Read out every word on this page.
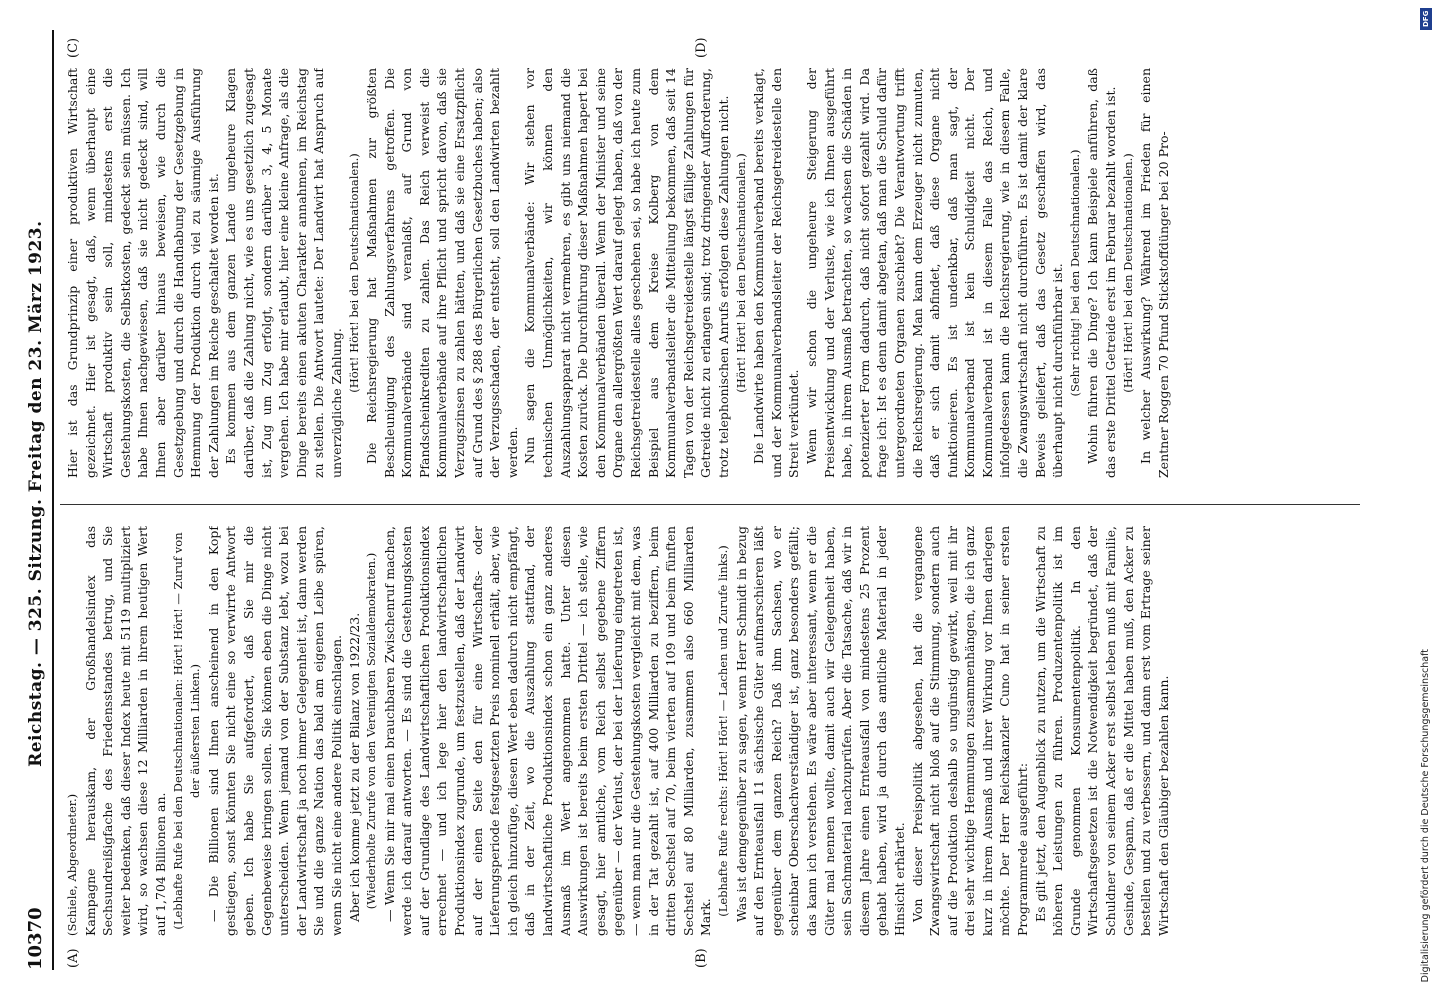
10370
Reichstag. — 325. Sitzung. Freitag den 23. März 1923.
(A)	(B)
(C)	(D)

(Schiele, Abgeordneter.) Kampagne herauskam, der Großhandelsindex das Sechsundreißigfache des Friedensstandes betrug, und Sie weiter bedenken, daß dieser Index heute mit 5119 multipliziert wird, so wachsen diese 12 Milliarden in ihrem heutigen Wert auf 1,704 Billionen an. (Lebhafte Rufe bei den Deutschnationalen: Hört! Hört! — Zuruf von der äußersten Linken.) — Die Billionen sind Ihnen anscheinend in den Kopf gestiegen, sonst könnten Sie nicht eine so verwirrte Antwort geben. Ich habe Sie aufgefordert, daß Sie mir die Gegenbeweise bringen sollen. Sie können eben die Dinge nicht unterscheiden. Wenn jemand von der Substanz lebt, wozu bei der Landwirtschaft ja noch immer Gelegenheit ist, dann werden Sie und die ganze Nation das bald am eigenen Leibe spüren, wenn Sie nicht eine andere Politik einschlagen. Aber ich komme jetzt zu der Bilanz von 1922/23. (Wiederholte Zurufe von den Vereinigten Sozialdemokraten.) — Wenn Sie mir mal einen brauchbaren Zwischenruf machen, werde ich darauf antworten. — Es sind die Gestehungskosten auf der Grundlage des Landwirtschaftlichen Produktionsindex errechnet — und ich lege hier den landwirtschaftlichen Produktionsindex zugrunde, um festzustellen, daß der Landwirt auf der einen Seite den für eine Wirtschafts- oder Lieferungsperiode festgesetzten Preis nominell erhält, aber, wie ich gleich hinzufüge, diesen Wert eben dadurch nicht empfängt, daß in der Zeit, wo die Auszahlung stattfand, der landwirtschaftliche Produktionsindex schon ein ganz anderes Ausmaß im Wert angenommen hatte. Unter diesen Auswirkungen ist bereits beim ersten Drittel — ich stelle, wie gesagt, hier amtliche, vom Reich selbst gegebene Ziffern gegenüber — der Verlust, der bei der Lieferung eingetreten ist, — wenn man nur die Gestehungskosten vergleicht mit dem, was in der Tat gezahlt ist, auf 400 Milliarden zu beziffern, beim dritten Sechstel auf 70, beim vierten auf 109 und beim fünften Sechstel auf 80 Milliarden, zusammen also 660 Milliarden Mark.

(Lebhafte Rufe rechts: Hört! Hört! — Lachen und Zurufe links.) Was ist demgegenüber zu sagen, wenn Herr Schmidt in bezug auf den Ernteausfall 11 sächsische Güter aufmarschieren läßt gegenüber dem ganzen Reich? Daß ihm Sachsen, wo er scheinbar Oberschachverständiger ist, ganz besonders gefällt; das kann ich verstehen. Es wäre aber interessant, wenn er die Güter mal nennen wollte, damit auch wir Gelegenheit haben, sein Sachmaterial nachzuprüfen. Aber die Tatsache, daß wir in diesem Jahre einen Ernteausfall von mindestens 25 Prozent gehabt haben, wird ja durch das amtliche Material in jeder Hinsicht erhärtet. Von dieser Preispolitik abgesehen, hat die vergangene Zwangswirtschaft nicht bloß auf die Stimmung, sondern auch auf die Produktion deshalb so ungünstig gewirkt, weil mit ihr drei sehr wichtige Hemmungen zusammenhängen, die ich ganz kurz in ihrem Ausmaß und ihrer Wirkung vor Ihnen darlegen möchte. Der Herr Reichskanzler Cuno hat in seiner ersten Programmrede ausgeführt: Es gilt jetzt, den Augenblick zu nutzen, um die Wirtschaft zu höheren Leistungen zu führen. Produzentenpolitik ist im Grunde genommen Konsumentenpolitik. In den Wirtschaftsgesetzen ist die Notwendigkeit begründet, daß der Schuldner von seinem Acker erst selbst leben muß mit Familie, Gesinde, Gespann, daß er die Mittel haben muß, den Acker zu bestellen und zu verbessern, und dann erst vom Ertrage seiner Wirtschaft den Gläubiger bezahlen kann.

Hier ist das Grundprinzip einer produktiven Wirtschaft gezeichnet. Hier ist gesagt, daß, wenn überhaupt eine Wirtschaft produktiv sein soll, mindestens erst die Gestehungskosten, die Selbstkosten, gedeckt sein müssen. Ich habe Ihnen nachgewiesen, daß sie nicht gedeckt sind, will Ihnen aber darüber hinaus beweisen, wie durch die Gesetzgebung und durch die Handhabung der Gesetzgebung in Hemmung der Produktion durch viel zu säumige Ausführung der Zahlungen im Reiche geschaltet worden ist. Es kommen aus dem ganzen Lande ungeheure Klagen darüber, daß die Zahlung nicht, wie es uns gesetzlich zugesagt ist, Zug um Zug erfolgt, sondern darüber 3, 4, 5 Monate vergehen. Ich habe mir erlaubt, hier eine kleine Anfrage, als die Dinge bereits einen akuten Charakter annahmen, im Reichstag zu stellen. Die Antwort lautete: Der Landwirt hat Anspruch auf unverzügliche Zahlung.

(Hört! Hört! bei den Deutschnationalen.) Die Reichsregierung hat Maßnahmen zur größten Beschleunigung des Zahlungsverfahrens getroffen. Die Kommunalverbände sind veranlaßt, auf Grund von Pfandscheinkrediten zu zahlen. Das Reich verweist die Kommunalverbände auf ihre Pflicht und spricht davon, daß sie Verzugszinsen zu zahlen hätten, und daß sie eine Ersatzpflicht auf Grund des § 288 des Bürgerlichen Gesetzbuches haben; also der Verzugsschaden, der entsteht, soll den Landwirten bezahlt werden. Nun sagen die Kommunalverbände: Wir stehen vor technischen Unmöglichkeiten, wir können den Auszahlungsapparat nicht vermehren, es gibt uns niemand die Kosten zurück. Die Durchführung dieser Maßnahmen hapert bei den Kommunalverbänden überall. Wenn der Minister und seine Organe den allergrößten Wert darauf gelegt haben, daß von der Reichsgetreidestelle alles geschehen sei, so habe ich heute zum Beispiel aus dem Kreise Kolberg von dem Kommunalverbandsleiter die Mitteilung bekommen, daß seit 14 Tagen von der Reichsgetreidestelle längst fällige Zahlungen für Getreide nicht zu erlangen sind; trotz dringender Aufforderung, trotz telephonischen Anrufs erfolgen diese Zahlungen nicht. (Hört! Hört! bei den Deutschnationalen.) Die Landwirte haben den Kommunalverband bereits verklagt, und der Kommunalverbandsleiter der Reichsgetreidestelle den Streit verkündet. Wenn wir schon die ungeheure Steigerung der Preisentwicklung und der Verluste, wie ich Ihnen ausgeführt habe, in ihrem Ausmaß betrachten, so wachsen die Schäden in potenzierter Form dadurch, daß nicht sofort gezahlt wird. Da frage ich: Ist es denn damit abgetan, daß man die Schuld dafür untergeordneten Organen zuschiebt? Die Verantwortung trifft die Reichsregierung. Man kann dem Erzeuger nicht zumuten, daß er sich damit abfindet, daß diese Organe nicht funktionieren. Es ist undenkbar, daß man sagt, der Kommunalverband ist kein Schuldigkeit nicht. Der Kommunalverband ist in diesem Falle das Reich, und infolgedessen kann die Reichsregierung, wie in diesem Falle, die Zwangswirtschaft nicht durchführen. Es ist damit der klare Beweis geliefert, daß das Gesetz geschaffen wird, das überhaupt nicht durchführbar ist. (Sehr richtig! bei den Deutschnationalen.) Wohin führen die Dinge? Ich kann Beispiele anführen, daß das erste Drittel Getreide erst im Februar bezahlt worden ist. (Hört! Hört! bei den Deutschnationalen.) In welcher Auswirkung? Während im Frieden für einen Zentner Roggen 70 Pfund Stickstoffdünger bei 20 Pro-

DFG
Digitalisierung gefördert durch die Deutsche Forschungsgemeinschaft
